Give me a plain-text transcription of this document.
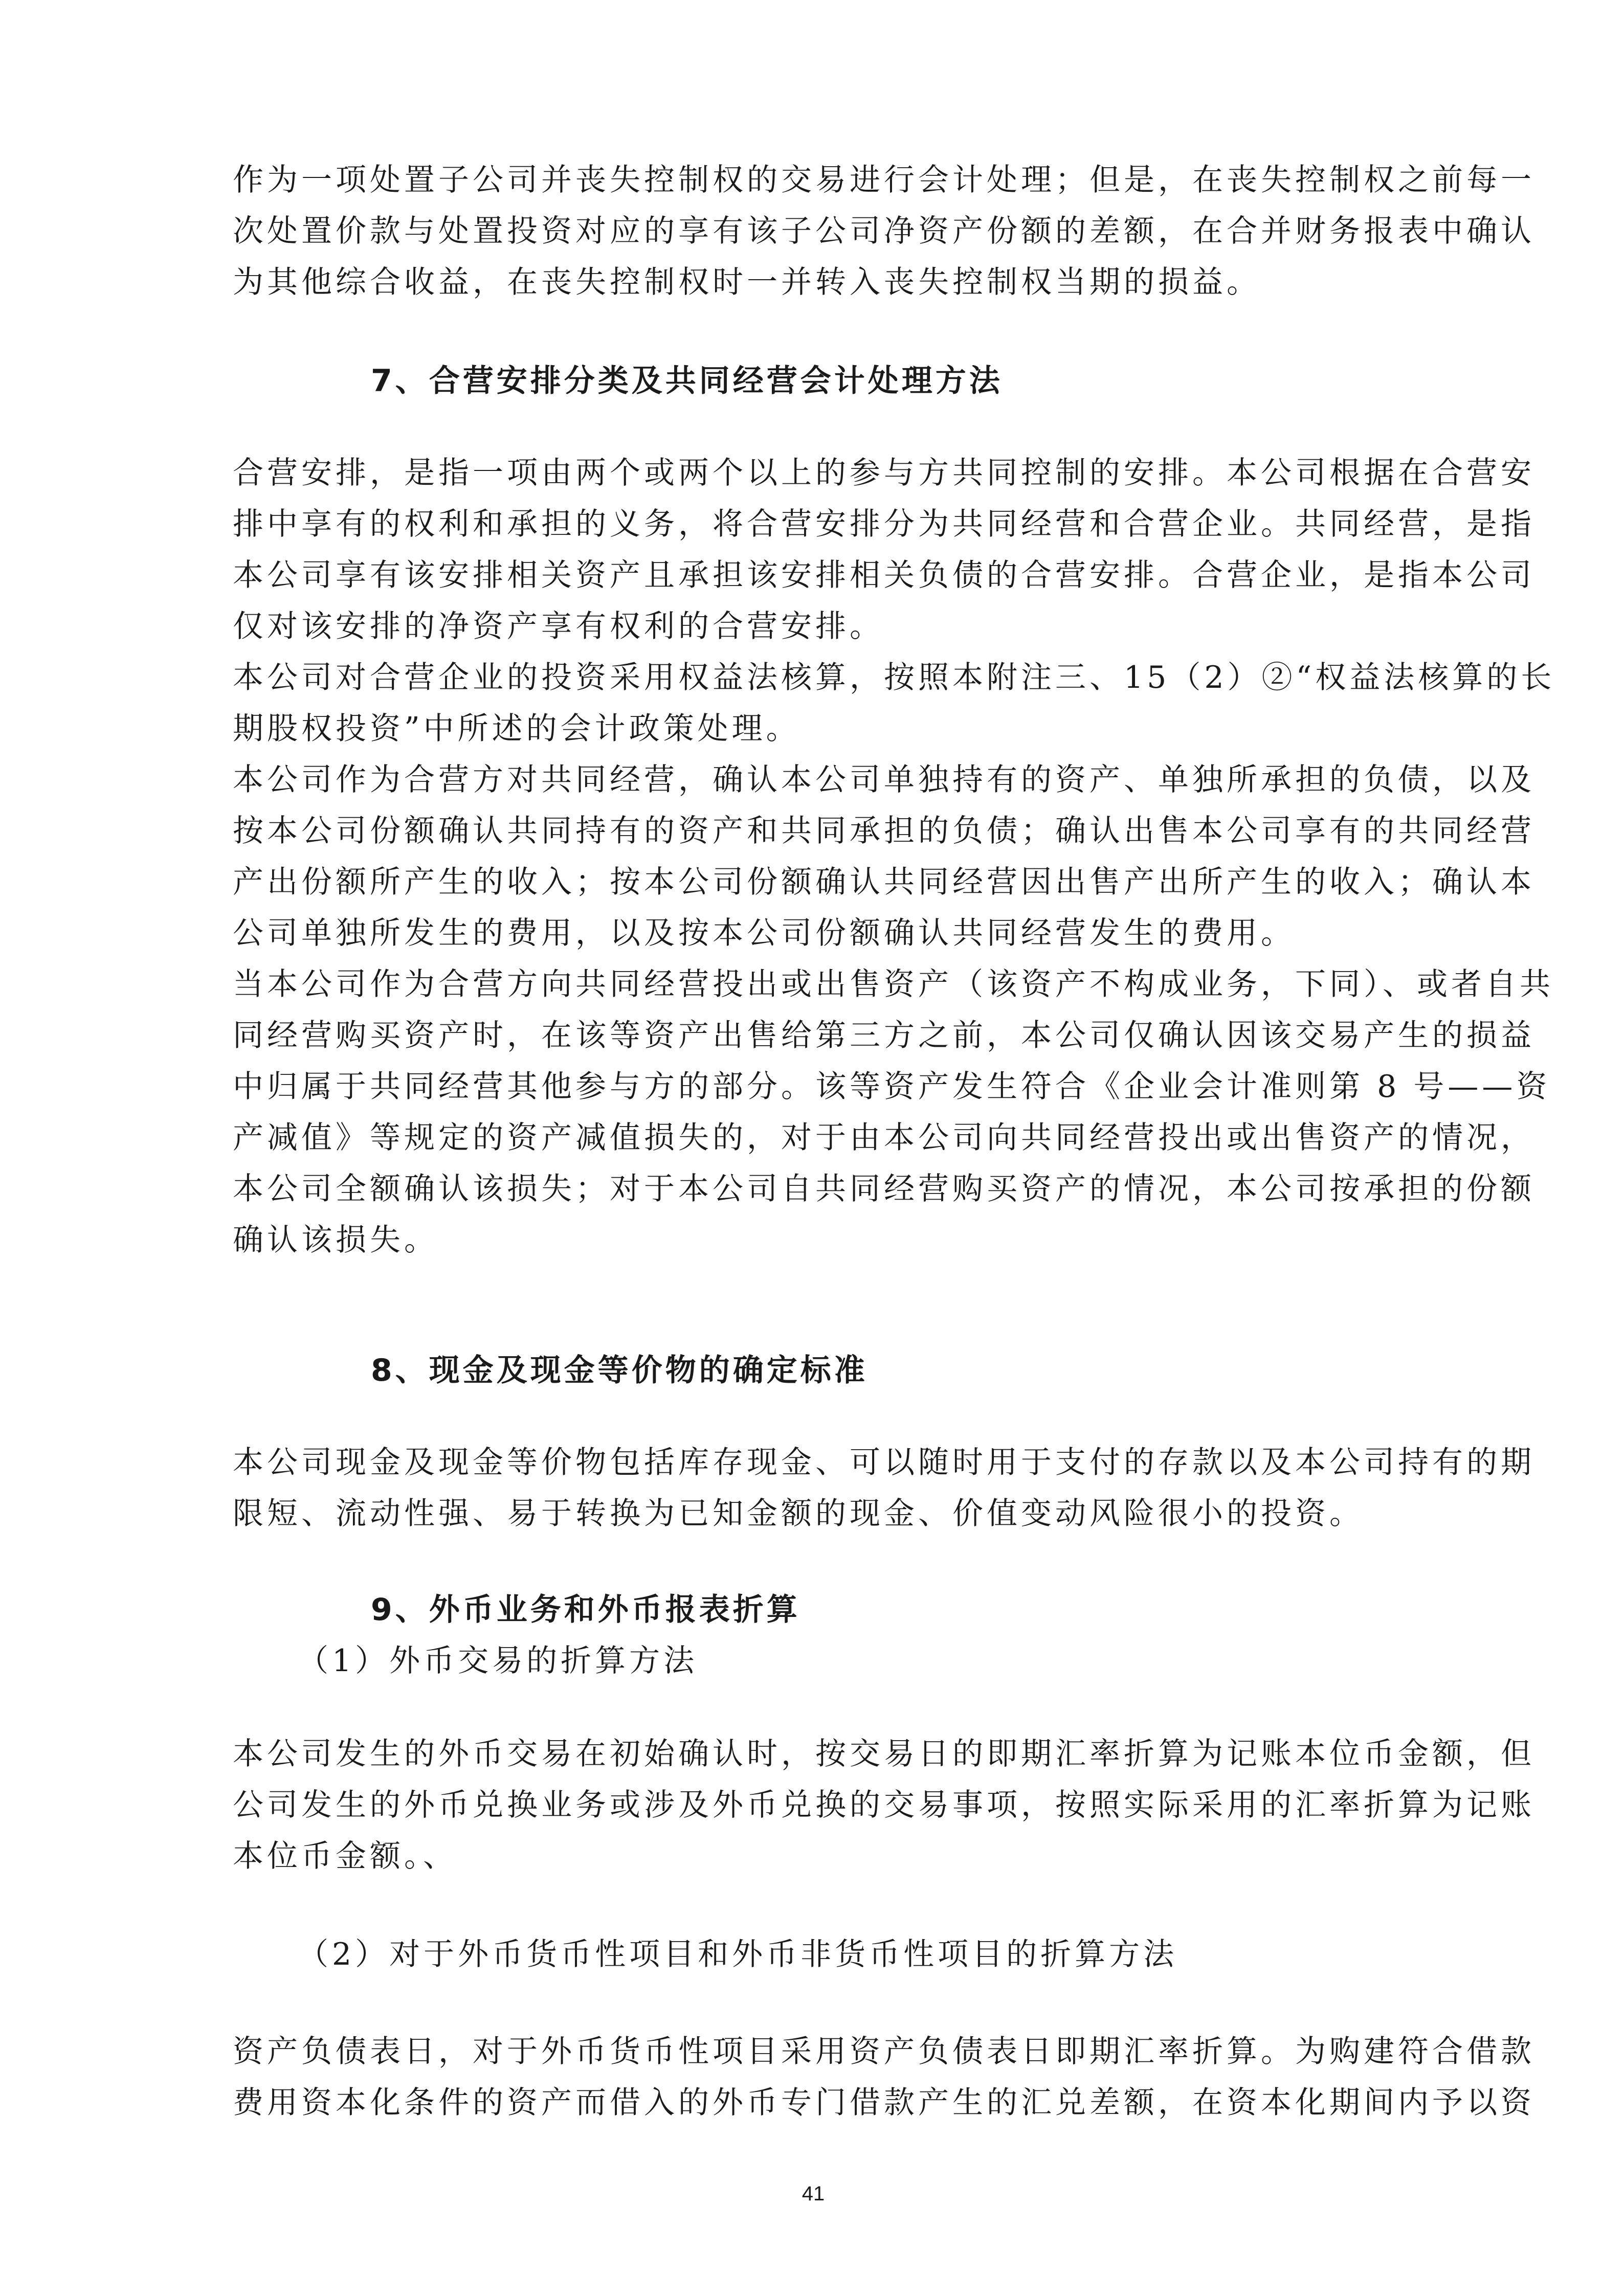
作为一项处置子公司并丧失控制权的交易进行会计处理；但是，在丧失控制权之前每一
次处置价款与处置投资对应的享有该子公司净资产份额的差额，在合并财务报表中确认
为其他综合收益，在丧失控制权时一并转入丧失控制权当期的损益。
7、合营安排分类及共同经营会计处理方法
合营安排，是指一项由两个或两个以上的参与方共同控制的安排。本公司根据在合营安
排中享有的权利和承担的义务，将合营安排分为共同经营和合营企业。共同经营，是指
本公司享有该安排相关资产且承担该安排相关负债的合营安排。合营企业，是指本公司
仅对该安排的净资产享有权利的合营安排。
本公司对合营企业的投资采用权益法核算，按照本附注三、15（2）②“权益法核算的长
期股权投资”中所述的会计政策处理。
本公司作为合营方对共同经营，确认本公司单独持有的资产、单独所承担的负债，以及
按本公司份额确认共同持有的资产和共同承担的负债；确认出售本公司享有的共同经营
产出份额所产生的收入；按本公司份额确认共同经营因出售产出所产生的收入；确认本
公司单独所发生的费用，以及按本公司份额确认共同经营发生的费用。
当本公司作为合营方向共同经营投出或出售资产（该资产不构成业务，下同）、或者自共
同经营购买资产时，在该等资产出售给第三方之前，本公司仅确认因该交易产生的损益
中归属于共同经营其他参与方的部分。该等资产发生符合《企业会计准则第 8 号——资
产减值》等规定的资产减值损失的，对于由本公司向共同经营投出或出售资产的情况，
本公司全额确认该损失；对于本公司自共同经营购买资产的情况，本公司按承担的份额
确认该损失。
8、现金及现金等价物的确定标准
本公司现金及现金等价物包括库存现金、可以随时用于支付的存款以及本公司持有的期
限短、流动性强、易于转换为已知金额的现金、价值变动风险很小的投资。
9、外币业务和外币报表折算
（1）外币交易的折算方法
本公司发生的外币交易在初始确认时，按交易日的即期汇率折算为记账本位币金额，但
公司发生的外币兑换业务或涉及外币兑换的交易事项，按照实际采用的汇率折算为记账
本位币金额。、
（2）对于外币货币性项目和外币非货币性项目的折算方法
资产负债表日，对于外币货币性项目采用资产负债表日即期汇率折算。为购建符合借款
费用资本化条件的资产而借入的外币专门借款产生的汇兑差额，在资本化期间内予以资
41
